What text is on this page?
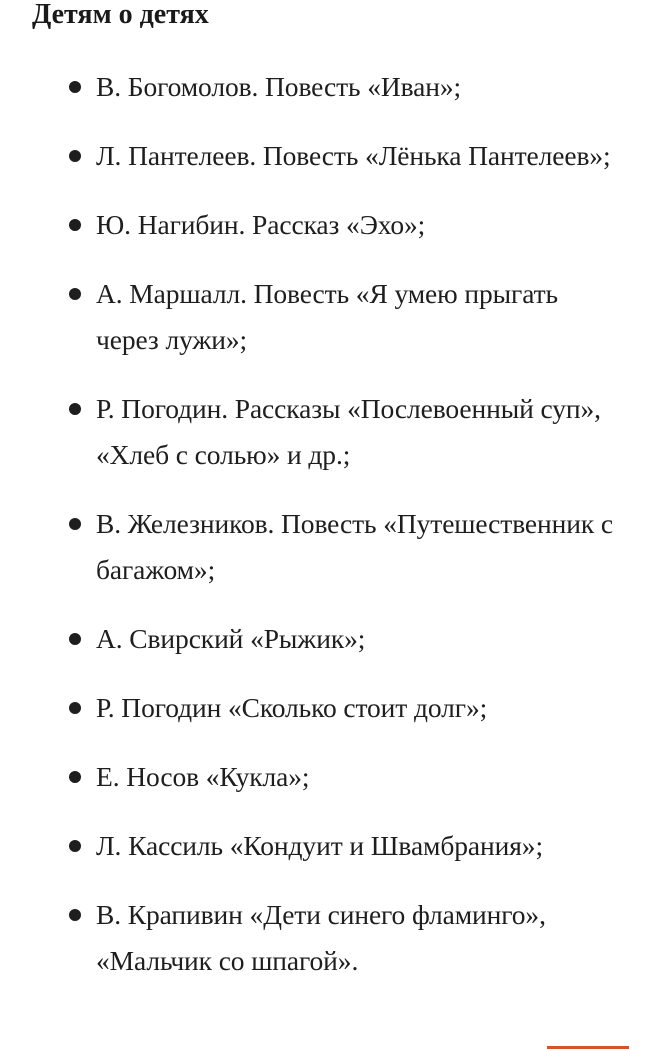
Детям о детях
В. Богомолов. Повесть «Иван»;
Л. Пантелеев. Повесть «Лёнька Пантелеев»;
Ю. Нагибин. Рассказ «Эхо»;
А. Маршалл. Повесть «Я умею прыгать через лужи»;
Р. Погодин. Рассказы «Послевоенный суп», «Хлеб с солью» и др.;
В. Железников. Повесть «Путешественник с багажом»;
А. Свирский «Рыжик»;
Р. Погодин «Сколько стоит долг»;
Е. Носов «Кукла»;
Л. Кассиль «Кондуит и Швамбрания»;
В. Крапивин «Дети синего фламинго», «Мальчик со шпагой».
